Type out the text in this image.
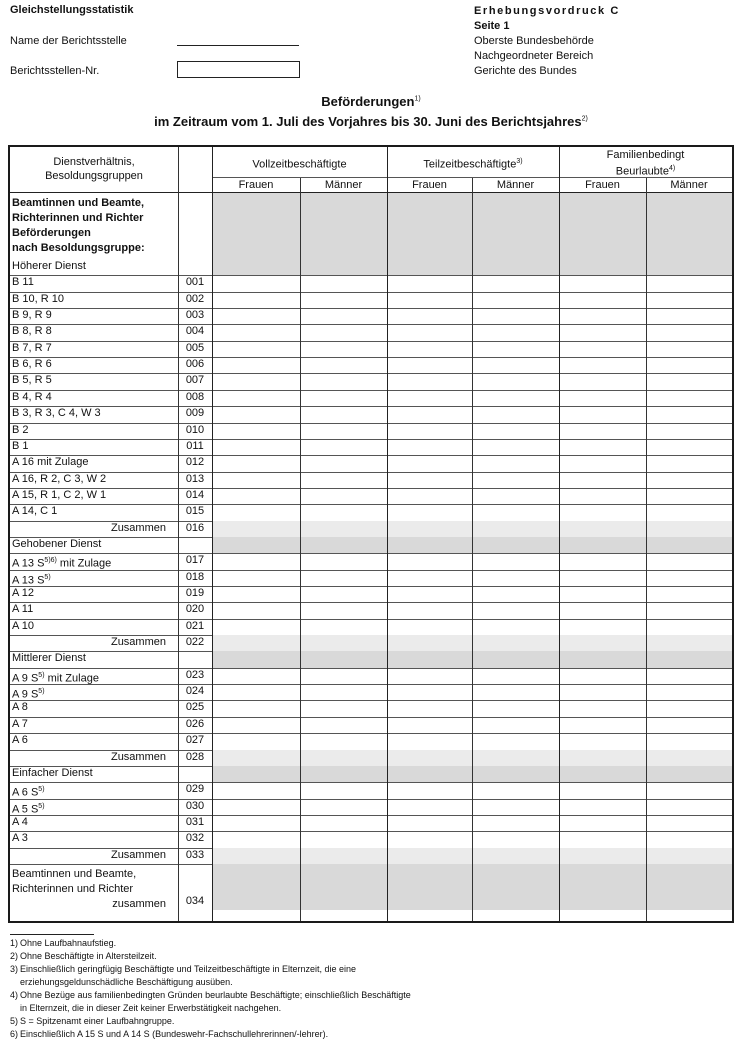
Gleichstellungsstatistik
Name der Berichtsstelle
Berichtsstellen-Nr.
Erhebungsvordruck C
Seite 1
Oberste Bundesbehörde
Nachgeordneter Bereich
Gerichte des Bundes
Beförderungen$^{1)}$
im Zeitraum vom 1. Juli des Vorjahres bis 30. Juni des Berichtsjahres$^{2)}$
Dienstverhältnis,
Besoldungsgruppen
Vollzeitbeschäftigte
Frauen	Männer
Teilzeitbeschäftigte$^{3)}$
Frauen	Männer
Familienbedingt
Beurlaubte$^{4)}$
Frauen	Männer
Beamtinnen und Beamte,
Richterinnen und Richter
Beförderungen
nach Besoldungsgruppe:
Höherer Dienst
B 11	001
B 10, R 10	002
B 9, R 9	003
B 8, R 8	004
B 7, R 7	005
B 6, R 6	006
B 5, R 5	007
B 4, R 4	008
B 3, R 3, C 4, W 3	009
B 2	010
B 1	011
A 16 mit Zulage	012
A 16, R 2, C 3, W 2	013
A 15, R 1, C 2, W 1	014
A 14, C 1	015
Zusammen	016
Gehobener Dienst
A 13 $S^{5)6)}$ mit Zulage	017
A 13 $S^{5)}$	018
A 12	019
A 11	020
A 10	021
Zusammen	022
Mittlerer Dienst
A 9 $S^{5)}$ mit Zulage	023
A 9 $S^{5)}$	024
A 8	025
A 7	026
A 6	027
Zusammen	028
Einfacher Dienst
A 6 $S^{5)}$	029
A 5 $S^{5)}$	030
A 4	031
A 3	032
Zusammen	033
Beamtinnen und Beamte,
Richterinnen und Richter
zusammen	034
1) Ohne Laufbahnaufstieg.
2) Ohne Beschäftigte in Altersteilzeit.
3) Einschließlich geringfügig Beschäftigte und Teilzeitbeschäftigte in Elternzeit, die eine
erziehungsgeldunschädliche Beschäftigung ausüben.
4) Ohne Bezüge aus familienbedingten Gründen beurlaubte Beschäftigte; einschließlich Beschäftigte
in Elternzeit, die in dieser Zeit keiner Erwerbstätigkeit nachgehen.
5) S = Spitzenamt einer Laufbahngruppe.
6) Einschließlich A 15 S und A 14 S (Bundeswehr-Fachschullehrerinnen/-lehrer).
